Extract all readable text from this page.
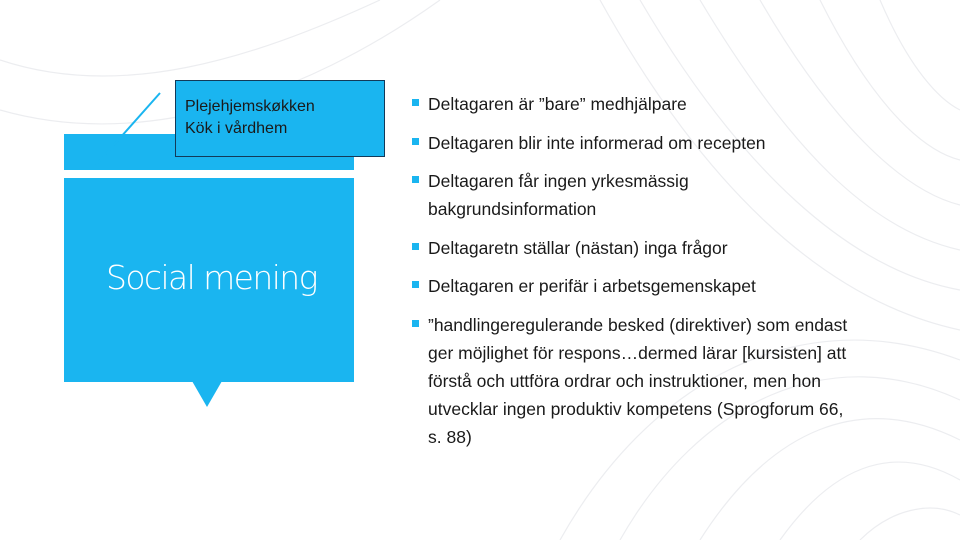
Social mening
Plejehjemskøkken
Kök i vårdhem
Deltagaren är ”bare” medhjälpare
Deltagaren blir inte informerad om recepten
Deltagaren får ingen yrkesmässig bakgrundsinformation
Deltagaretn ställar (nästan) inga frågor
Deltagaren er perifär i arbetsgemenskapet
”handlingeregulerande besked (direktiver) som endast ger möjlighet för respons…dermed lärar [kursisten] att förstå och uttföra ordrar och instruktioner, men hon utvecklar ingen produktiv kompetens (Sprogforum 66, s. 88)
